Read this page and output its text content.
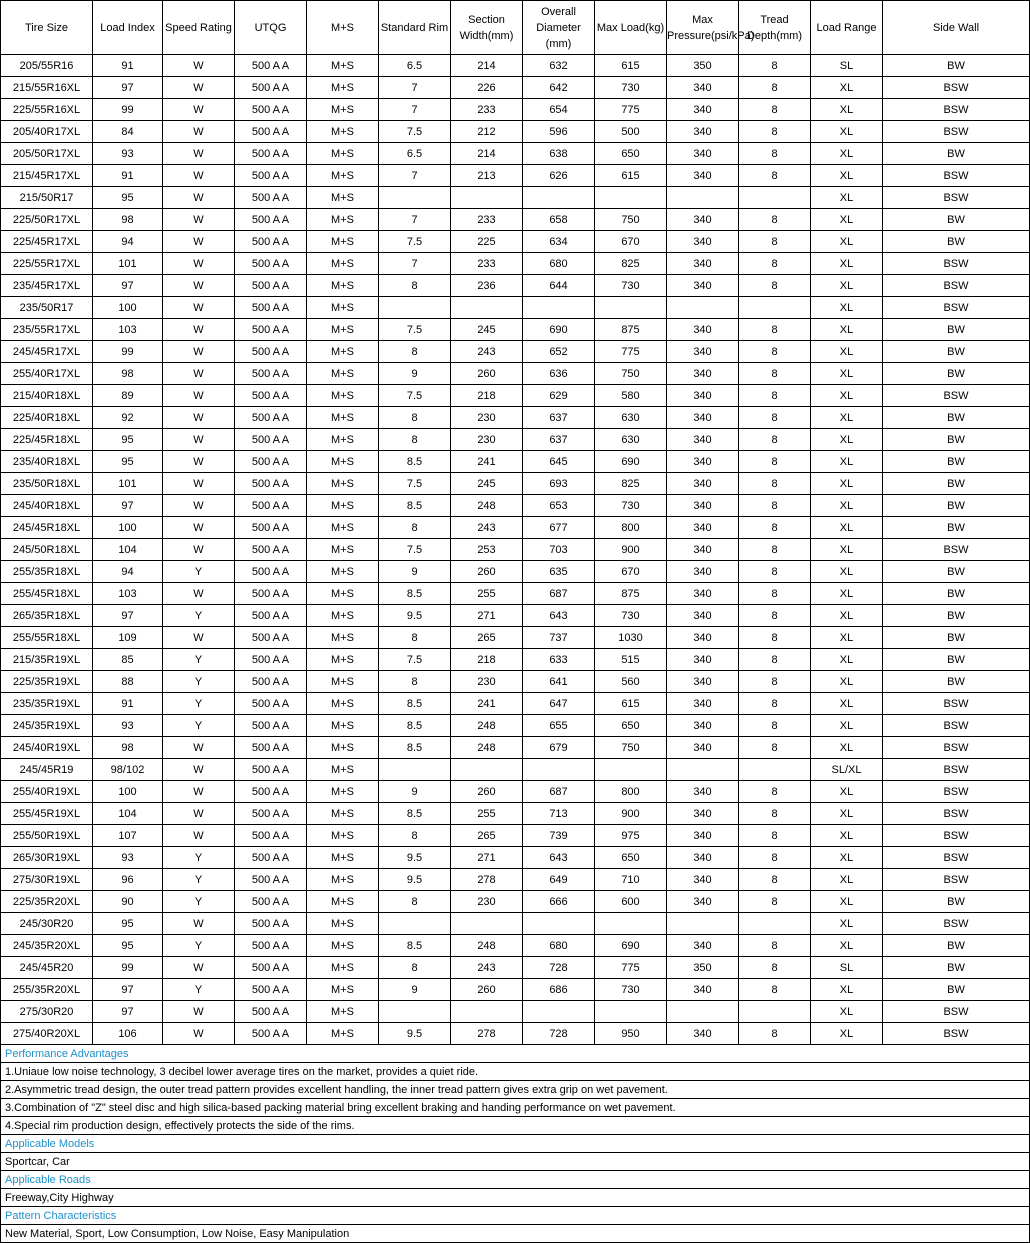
Tire Size	Load Index	Speed Rating	UTQG	M+S	Standard Rim	Section Width(mm)	Overall Diameter (mm)	Max Load(kg)	Max Pressure(psi/kPa)	Tread Depth(mm)	Load Range	Side Wall
205/55R16	91	W	500 A A	M+S	6.5	214	632	615	350	8	SL	BW
215/55R16XL	97	W	500 A A	M+S	7	226	642	730	340	8	XL	BSW
225/55R16XL	99	W	500 A A	M+S	7	233	654	775	340	8	XL	BSW
205/40R17XL	84	W	500 A A	M+S	7.5	212	596	500	340	8	XL	BSW
205/50R17XL	93	W	500 A A	M+S	6.5	214	638	650	340	8	XL	BW
215/45R17XL	91	W	500 A A	M+S	7	213	626	615	340	8	XL	BSW
215/50R17	95	W	500 A A	M+S							XL	BSW
225/50R17XL	98	W	500 A A	M+S	7	233	658	750	340	8	XL	BW
225/45R17XL	94	W	500 A A	M+S	7.5	225	634	670	340	8	XL	BW
225/55R17XL	101	W	500 A A	M+S	7	233	680	825	340	8	XL	BSW
235/45R17XL	97	W	500 A A	M+S	8	236	644	730	340	8	XL	BSW
235/50R17	100	W	500 A A	M+S							XL	BSW
235/55R17XL	103	W	500 A A	M+S	7.5	245	690	875	340	8	XL	BW
245/45R17XL	99	W	500 A A	M+S	8	243	652	775	340	8	XL	BW
255/40R17XL	98	W	500 A A	M+S	9	260	636	750	340	8	XL	BW
215/40R18XL	89	W	500 A A	M+S	7.5	218	629	580	340	8	XL	BSW
225/40R18XL	92	W	500 A A	M+S	8	230	637	630	340	8	XL	BW
225/45R18XL	95	W	500 A A	M+S	8	230	637	630	340	8	XL	BW
235/40R18XL	95	W	500 A A	M+S	8.5	241	645	690	340	8	XL	BW
235/50R18XL	101	W	500 A A	M+S	7.5	245	693	825	340	8	XL	BW
245/40R18XL	97	W	500 A A	M+S	8.5	248	653	730	340	8	XL	BW
245/45R18XL	100	W	500 A A	M+S	8	243	677	800	340	8	XL	BW
245/50R18XL	104	W	500 A A	M+S	7.5	253	703	900	340	8	XL	BSW
255/35R18XL	94	Y	500 A A	M+S	9	260	635	670	340	8	XL	BW
255/45R18XL	103	W	500 A A	M+S	8.5	255	687	875	340	8	XL	BW
265/35R18XL	97	Y	500 A A	M+S	9.5	271	643	730	340	8	XL	BW
255/55R18XL	109	W	500 A A	M+S	8	265	737	1030	340	8	XL	BW
215/35R19XL	85	Y	500 A A	M+S	7.5	218	633	515	340	8	XL	BW
225/35R19XL	88	Y	500 A A	M+S	8	230	641	560	340	8	XL	BW
235/35R19XL	91	Y	500 A A	M+S	8.5	241	647	615	340	8	XL	BSW
245/35R19XL	93	Y	500 A A	M+S	8.5	248	655	650	340	8	XL	BSW
245/40R19XL	98	W	500 A A	M+S	8.5	248	679	750	340	8	XL	BSW
245/45R19	98/102	W	500 A A	M+S							SL/XL	BSW
255/40R19XL	100	W	500 A A	M+S	9	260	687	800	340	8	XL	BSW
255/45R19XL	104	W	500 A A	M+S	8.5	255	713	900	340	8	XL	BSW
255/50R19XL	107	W	500 A A	M+S	8	265	739	975	340	8	XL	BSW
265/30R19XL	93	Y	500 A A	M+S	9.5	271	643	650	340	8	XL	BSW
275/30R19XL	96	Y	500 A A	M+S	9.5	278	649	710	340	8	XL	BSW
225/35R20XL	90	Y	500 A A	M+S	8	230	666	600	340	8	XL	BW
245/30R20	95	W	500 A A	M+S							XL	BSW
245/35R20XL	95	Y	500 A A	M+S	8.5	248	680	690	340	8	XL	BW
245/45R20	99	W	500 A A	M+S	8	243	728	775	350	8	SL	BW
255/35R20XL	97	Y	500 A A	M+S	9	260	686	730	340	8	XL	BW
275/30R20	97	W	500 A A	M+S							XL	BSW
275/40R20XL	106	W	500 A A	M+S	9.5	278	728	950	340	8	XL	BSW
Performance Advantages												
1.Uniaue low noise technology, 3 decibel lower average tires on the market, provides a quiet ride.												
2.Asymmetric tread design, the outer tread pattern provides excellent handling, the inner tread pattern gives extra grip on wet pavement.												
3.Combination of "Z" steel disc and high silica-based packing material bring excellent braking and handing performance on wet pavement.												
4.Special rim production design, effectively protects the side of the rims.												
Applicable Models												
Sportcar, Car												
Applicable Roads												
Freeway,City Highway												
Pattern Characteristics												
New Material, Sport, Low Consumption, Low Noise, Easy Manipulation												
